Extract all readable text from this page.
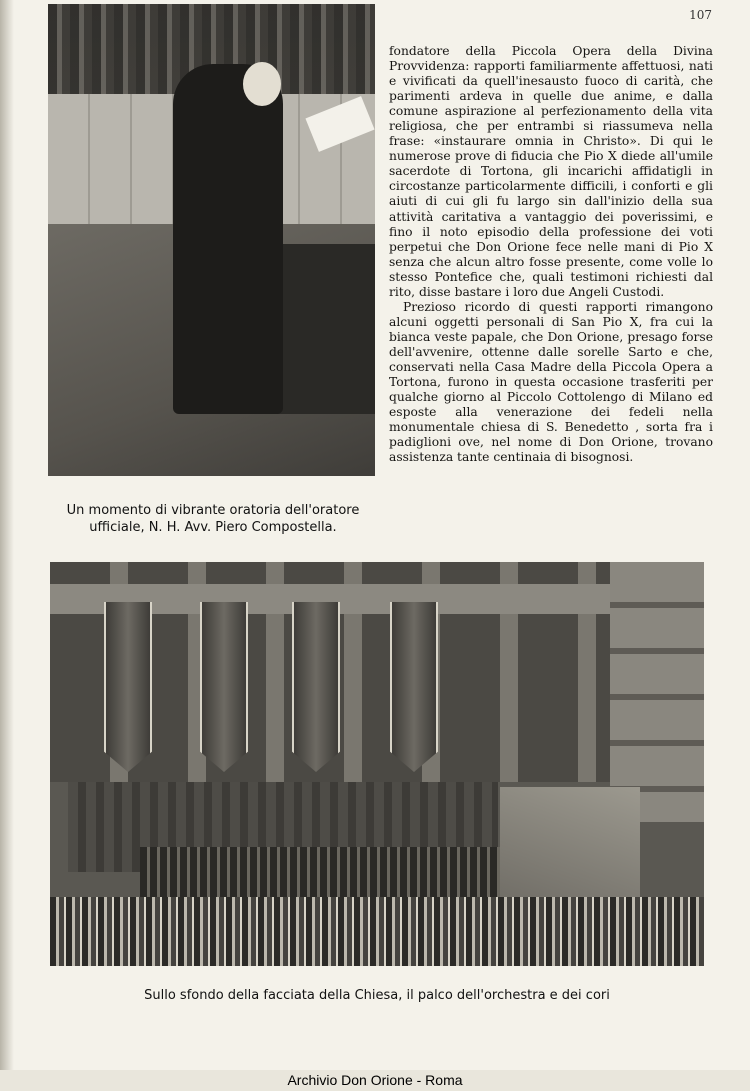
107
Un momento di vibrante oratoria dell'oratore
ufficiale, N. H. Avv. Piero Compostella.

fondatore della Piccola Opera della Divina Provvidenza: rapporti familiarmente affettuosi, nati e vivificati da quell'inesausto fuoco di carità, che parimenti ardeva in quelle due anime, e dalla comune aspirazione al perfezionamento della vita religiosa, che per entrambi si riassumeva nella frase: «instaurare omnia in Christo». Di qui le numerose prove di fiducia che Pio X diede all'umile sacerdote di Tortona, gli incarichi affidatigli in circostanze particolarmente difficili, i conforti e gli aiuti di cui gli fu largo sin dall'inizio della sua attività caritativa a vantaggio dei poverissimi, e fino il noto episodio della professione dei voti perpetui che Don Orione fece nelle mani di Pio X senza che alcun altro fosse presente, come volle lo stesso Pontefice che, quali testimoni richiesti dal rito, disse bastare i loro due Angeli Custodi.

Prezioso ricordo di questi rapporti rimangono alcuni oggetti personali di San Pio X, fra cui la bianca veste papale, che Don Orione, presago forse dell'avvenire, ottenne dalle sorelle Sarto e che, conservati nella Casa Madre della Piccola Opera a Tortona, furono in questa occasione trasferiti per qualche giorno al Piccolo Cottolengo di Milano ed esposte alla venerazione dei fedeli nella monumentale chiesa di S. Benedetto , sorta fra i padiglioni ove, nel nome di Don Orione, trovano assistenza tante centinaia di bisognosi.

Sullo sfondo della facciata della Chiesa, il palco dell'orchestra e dei cori
Archivio Don Orione - Roma
